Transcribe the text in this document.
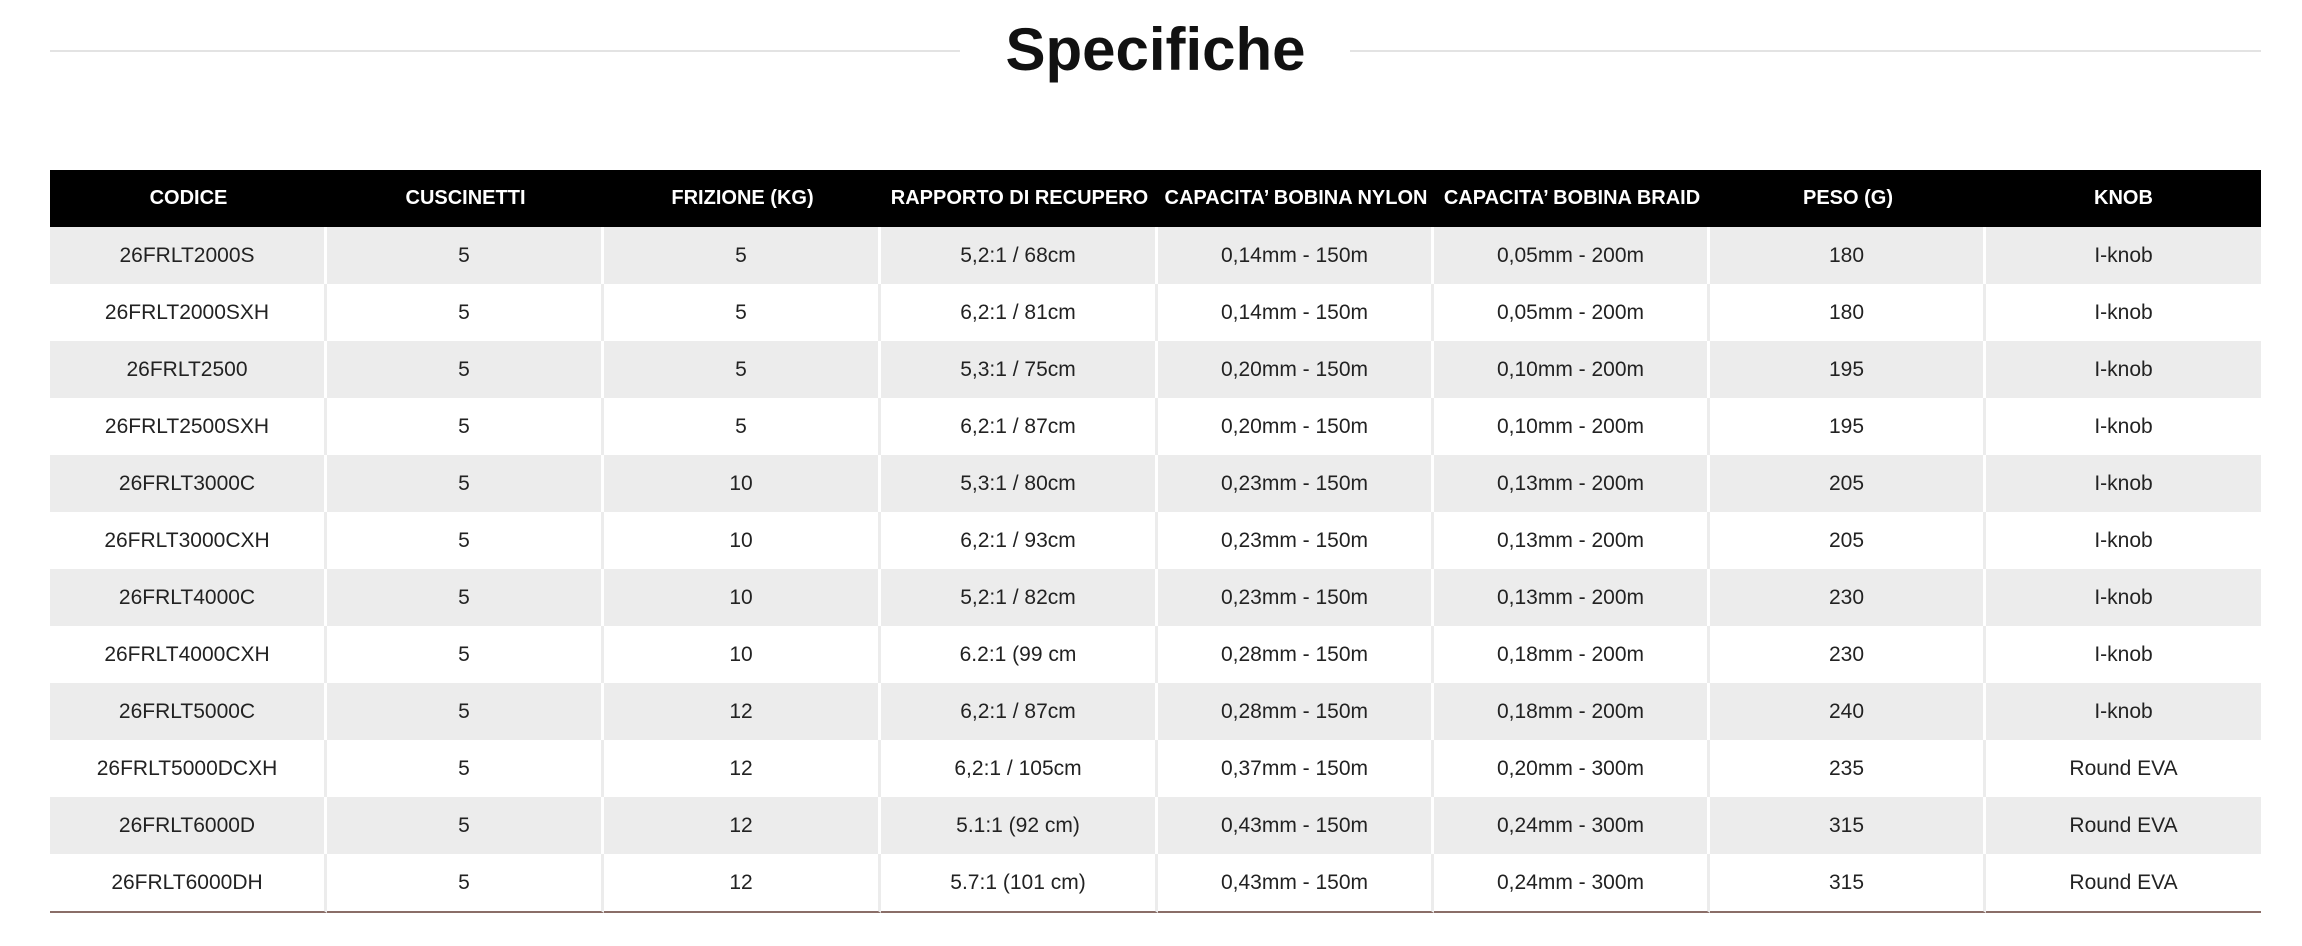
Specifiche
CODICE	CUSCINETTI	FRIZIONE (KG)	RAPPORTO DI RECUPERO	CAPACITA’ BOBINA NYLON	CAPACITA’ BOBINA BRAID	PESO (G)	KNOB
26FRLT2000S	5	5	5,2:1 / 68cm	0,14mm - 150m	0,05mm - 200m	180	I-knob
26FRLT2000SXH	5	5	6,2:1 / 81cm	0,14mm - 150m	0,05mm - 200m	180	I-knob
26FRLT2500	5	5	5,3:1 / 75cm	0,20mm - 150m	0,10mm - 200m	195	I-knob
26FRLT2500SXH	5	5	6,2:1 / 87cm	0,20mm - 150m	0,10mm - 200m	195	I-knob
26FRLT3000C	5	10	5,3:1 / 80cm	0,23mm - 150m	0,13mm - 200m	205	I-knob
26FRLT3000CXH	5	10	6,2:1 / 93cm	0,23mm - 150m	0,13mm - 200m	205	I-knob
26FRLT4000C	5	10	5,2:1 / 82cm	0,23mm - 150m	0,13mm - 200m	230	I-knob
26FRLT4000CXH	5	10	6.2:1 (99 cm	0,28mm - 150m	0,18mm - 200m	230	I-knob
26FRLT5000C	5	12	6,2:1 / 87cm	0,28mm - 150m	0,18mm - 200m	240	I-knob
26FRLT5000DCXH	5	12	6,2:1 / 105cm	0,37mm - 150m	0,20mm - 300m	235	Round EVA
26FRLT6000D	5	12	5.1:1 (92 cm)	0,43mm - 150m	0,24mm - 300m	315	Round EVA
26FRLT6000DH	5	12	5.7:1 (101 cm)	0,43mm - 150m	0,24mm - 300m	315	Round EVA
